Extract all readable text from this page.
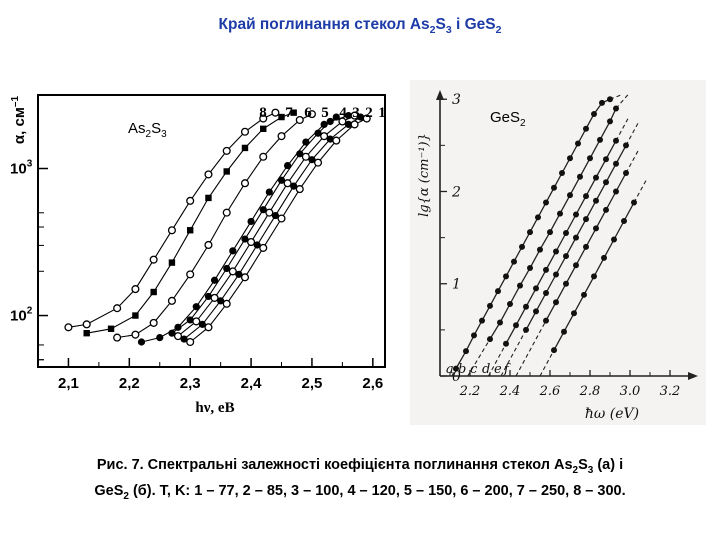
Край поглинання стекол $As_2S_3$ і GeS$_2$
2,1	2,2	2,3	2,4	2,5	2,6
$10^3$
$10^2$
$As_2S_3$
8 7 6 5 4 3 2 1
α, $см^{-1}$
hν, eB
2.2 2.4 2.6 2.8 3.0 3.2
0
1
2
3
a b c d e f
GeS$_2$
lg{α (cm⁻¹)}
ħω (eV)
Рис. 7. Спектральні залежності коефіцієнта поглинання стекол $As_2S_3$ (а) і
GeS$_2$ (б). T, K: 1 – 77, 2 – 85, 3 – 100, 4 – 120, 5 – 150, 6 – 200, 7 – 250, 8 – 300.
